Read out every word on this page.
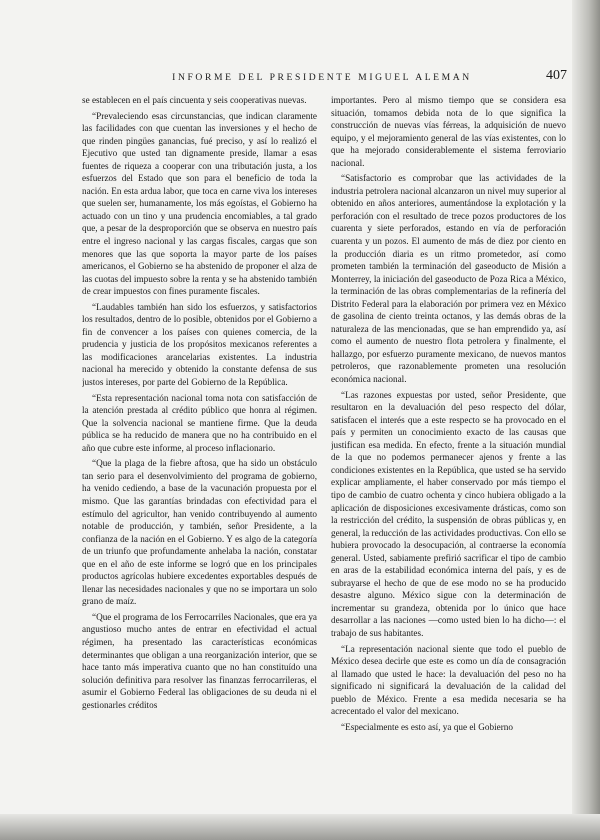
INFORME DEL PRESIDENTE MIGUEL ALEMAN	407

se establecen en el país cincuenta y seis cooperativas nuevas.

“Prevaleciendo esas circunstancias, que indican claramente las facilidades con que cuentan las inversiones y el hecho de que rinden pingües ganancias, fué preciso, y así lo realizó el Ejecutivo que usted tan dignamente preside, llamar a esas fuentes de riqueza a cooperar con una tributación justa, a los esfuerzos del Estado que son para el beneficio de toda la nación. En esta ardua labor, que toca en carne viva los intereses que suelen ser, humanamente, los más egoístas, el Gobierno ha actuado con un tino y una prudencia encomiables, a tal grado que, a pesar de la desproporción que se observa en nuestro país entre el ingreso nacional y las cargas fiscales, cargas que son menores que las que soporta la mayor parte de los países americanos, el Gobierno se ha abstenido de proponer el alza de las cuotas del impuesto sobre la renta y se ha abstenido también de crear impuestos con fines puramente fiscales.

“Laudables también han sido los esfuerzos, y satisfactorios los resultados, dentro de lo posible, obtenidos por el Gobierno a fin de convencer a los países con quienes comercia, de la prudencia y justicia de los propósitos mexicanos referentes a las modificaciones arancelarias existentes. La industria nacional ha merecido y obtenido la constante defensa de sus justos intereses, por parte del Gobierno de la República.

“Esta representación nacional toma nota con satisfacción de la atención prestada al crédito público que honra al régimen. Que la solvencia nacional se mantiene firme. Que la deuda pública se ha reducido de manera que no ha contribuido en el año que cubre este informe, al proceso inflacionario.

“Que la plaga de la fiebre aftosa, que ha sido un obstáculo tan serio para el desenvolvimiento del programa de gobierno, ha venido cediendo, a base de la vacunación propuesta por el mismo. Que las garantías brindadas con efectividad para el estímulo del agricultor, han venido contribuyendo al aumento notable de producción, y también, señor Presidente, a la confianza de la nación en el Gobierno. Y es algo de la categoría de un triunfo que profundamente anhelaba la nación, constatar que en el año de este informe se logró que en los principales productos agrícolas hubiere excedentes exportables después de llenar las necesidades nacionales y que no se importara un solo grano de maíz.

“Que el programa de los Ferrocarriles Nacionales, que era ya angustioso mucho antes de entrar en efectividad el actual régimen, ha presentado las características económicas determinantes que obligan a una reorganización interior, que se hace tanto más imperativa cuanto que no han constituído una solución definitiva para resolver las finanzas ferrocarrileras, el asumir el Gobierno Federal las obligaciones de su deuda ni el gestionarles créditos

importantes. Pero al mismo tiempo que se considera esa situación, tomamos debida nota de lo que significa la construcción de nuevas vías férreas, la adquisición de nuevo equipo, y el mejoramiento general de las vías existentes, con lo que ha mejorado considerablemente el sistema ferroviario nacional.

“Satisfactorio es comprobar que las actividades de la industria petrolera nacional alcanzaron un nivel muy superior al obtenido en años anteriores, aumentándose la explotación y la perforación con el resultado de trece pozos productores de los cuarenta y siete perforados, estando en vía de perforación cuarenta y un pozos. El aumento de más de diez por ciento en la producción diaria es un ritmo prometedor, así como prometen también la terminación del gaseoducto de Misión a Monterrey, la iniciación del gaseoducto de Poza Rica a México, la terminación de las obras complementarias de la refinería del Distrito Federal para la elaboración por primera vez en México de gasolina de ciento treinta octanos, y las demás obras de la naturaleza de las mencionadas, que se han emprendido ya, así como el aumento de nuestro flota petrolera y finalmente, el hallazgo, por esfuerzo puramente mexicano, de nuevos mantos petroleros, que razonablemente prometen una resolución económica nacional.

“Las razones expuestas por usted, señor Presidente, que resultaron en la devaluación del peso respecto del dólar, satisfacen el interés que a este respecto se ha provocado en el país y permiten un conocimiento exacto de las causas que justifican esa medida. En efecto, frente a la situación mundial de la que no podemos permanecer ajenos y frente a las condiciones existentes en la República, que usted se ha servido explicar ampliamente, el haber conservado por más tiempo el tipo de cambio de cuatro ochenta y cinco hubiera obligado a la aplicación de disposiciones excesivamente drásticas, como son la restricción del crédito, la suspensión de obras públicas y, en general, la reducción de las actividades productivas. Con ello se hubiera provocado la desocupación, al contraerse la economía general. Usted, sabiamente prefirió sacrificar el tipo de cambio en aras de la estabilidad económica interna del país, y es de subrayarse el hecho de que de ese modo no se ha producido desastre alguno. México sigue con la determinación de incrementar su grandeza, obtenida por lo único que hace desarrollar a las naciones —como usted bien lo ha dicho—: el trabajo de sus habitantes.

“La representación nacional siente que todo el pueblo de México desea decirle que este es como un día de consagración al llamado que usted le hace: la devaluación del peso no ha significado ni significará la devaluación de la calidad del pueblo de México. Frente a esa medida necesaria se ha acrecentado el valor del mexicano.

“Especialmente es esto así, ya que el Gobierno
